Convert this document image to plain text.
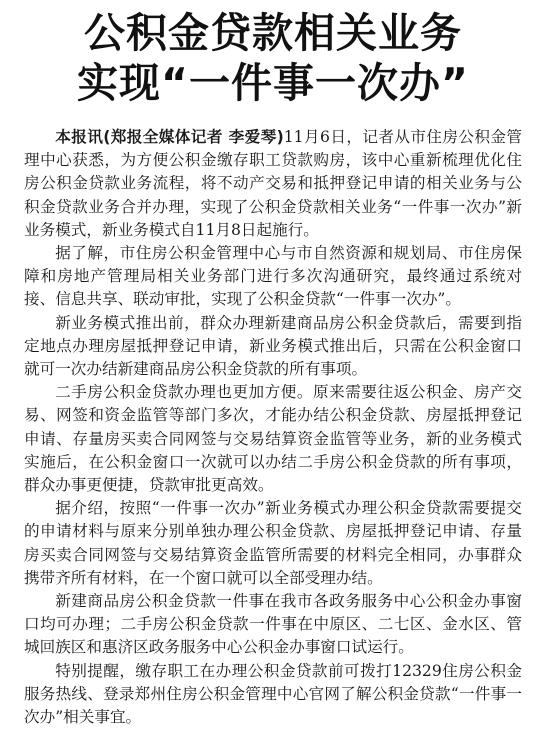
公积金贷款相关业务
实现“一件事一次办”

本报讯(郑报全媒体记者 李爱琴)11月6日，记者从市住房公积金管理中心获悉，为方便公积金缴存职工贷款购房，该中心重新梳理优化住房公积金贷款业务流程，将不动产交易和抵押登记申请的相关业务与公积金贷款业务合并办理，实现了公积金贷款相关业务“一件事一次办”新业务模式，新业务模式自11月8日起施行。

据了解，市住房公积金管理中心与市自然资源和规划局、市住房保障和房地产管理局相关业务部门进行多次沟通研究，最终通过系统对接、信息共享、联动审批，实现了公积金贷款“一件事一次办”。

新业务模式推出前，群众办理新建商品房公积金贷款后，需要到指定地点办理房屋抵押登记申请，新业务模式推出后，只需在公积金窗口就可一次办结新建商品房公积金贷款的所有事项。

二手房公积金贷款办理也更加方便。原来需要往返公积金、房产交易、网签和资金监管等部门多次，才能办结公积金贷款、房屋抵押登记申请、存量房买卖合同网签与交易结算资金监管等业务，新的业务模式实施后，在公积金窗口一次就可以办结二手房公积金贷款的所有事项，群众办事更便捷，贷款审批更高效。

据介绍，按照“一件事一次办”新业务模式办理公积金贷款需要提交的申请材料与原来分别单独办理公积金贷款、房屋抵押登记申请、存量房买卖合同网签与交易结算资金监管所需要的材料完全相同，办事群众携带齐所有材料，在一个窗口就可以全部受理办结。

新建商品房公积金贷款一件事在我市各政务服务中心公积金办事窗口均可办理；二手房公积金贷款一件事在中原区、二七区、金水区、管城回族区和惠济区政务服务中心公积金办事窗口试运行。

特别提醒，缴存职工在办理公积金贷款前可拨打12329住房公积金服务热线、登录郑州住房公积金管理中心官网了解公积金贷款“一件事一次办”相关事宜。
